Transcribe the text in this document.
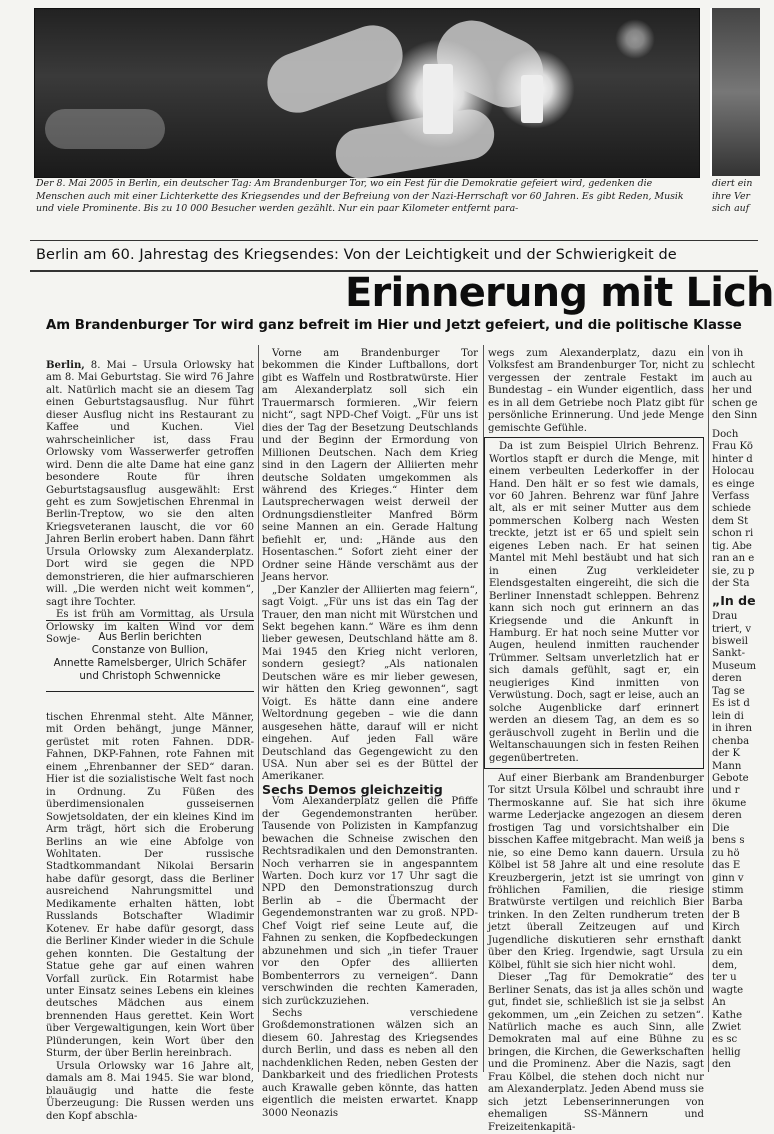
Der 8. Mai 2005 in Berlin, ein deutscher Tag: Am Brandenburger Tor, wo ein Fest für die Demokratie gefeiert wird, gedenken die Menschen auch mit einer Lichterkette des Kriegsendes und der Befreiung von der Nazi-Herrschaft vor 60 Jahren. Es gibt Reden, Musik und viele Prominente. Bis zu 10 000 Besucher werden gezählt. Nur ein paar Kilometer entfernt para-
diert ein
ihre Ver
sich auf
Berlin am 60. Jahrestag des Kriegsendes: Von der Leichtigkeit und der Schwierigkeit de
Erinnerung mit Lich
Am Brandenburger Tor wird ganz befreit im Hier und Jetzt gefeiert, und die politische Klasse

Berlin, 8. Mai – Ursula Orlowsky hat am 8. Mai Geburtstag. Sie wird 76 Jahre alt. Natürlich macht sie an diesem Tag einen Geburtstagsausflug. Nur führt dieser Ausflug nicht ins Restaurant zu Kaffee und Kuchen. Viel wahrscheinlicher ist, dass Frau Orlowsky vom Wasserwerfer getroffen wird. Denn die alte Dame hat eine ganz besondere Route für ihren Geburtstagsausflug ausgewählt: Erst geht es zum Sowjetischen Ehrenmal in Berlin-Treptow, wo sie den alten Kriegsveteranen lauscht, die vor 60 Jahren Berlin erobert haben. Dann fährt Ursula Orlowsky zum Alexanderplatz. Dort wird sie gegen die NPD demonstrieren, die hier aufmarschieren will. „Die werden nicht weit kommen“, sagt ihre Tochter.

Es ist früh am Vormittag, als Ursula Orlowsky im kalten Wind vor dem Sowje-	Aus Berlin berichten
Constanze von Bullion,
Annette Ramelsberger, Ulrich Schäfer
und Christoph Schwennicke

tischen Ehrenmal steht. Alte Männer, mit Orden behängt, junge Männer, gerüstet mit roten Fahnen. DDR-Fahnen, DKP-Fahnen, rote Fahnen mit einem „Ehrenbanner der SED“ daran. Hier ist die sozialistische Welt fast noch in Ordnung. Zu Füßen des überdimensionalen gusseisernen Sowjetsoldaten, der ein kleines Kind im Arm trägt, hört sich die Eroberung Berlins an wie eine Abfolge von Wohltaten. Der russische Stadtkommandant Nikolai Bersarin habe dafür gesorgt, dass die Berliner ausreichend Nahrungsmittel und Medikamente erhalten hätten, lobt Russlands Botschafter Wladimir Kotenev. Er habe dafür gesorgt, dass die Berliner Kinder wieder in die Schule gehen konnten. Die Gestaltung der Statue gehe gar auf einen wahren Vorfall zurück. Ein Rotarmist habe unter Einsatz seines Lebens ein kleines deutsches Mädchen aus einem brennenden Haus gerettet. Kein Wort über Vergewaltigungen, kein Wort über Plünderungen, kein Wort über den Sturm, der über Berlin hereinbrach.

Ursula Orlowsky war 16 Jahre alt, damals am 8. Mai 1945. Sie war blond, blauäugig und hatte die feste Überzeugung: Die Russen werden uns den Kopf abschla-

Vorne am Brandenburger Tor bekommen die Kinder Luftballons, dort gibt es Waffeln und Rostbratwürste. Hier am Alexanderplatz soll sich ein Trauermarsch formieren. „Wir feiern nicht“, sagt NPD-Chef Voigt. „Für uns ist dies der Tag der Besetzung Deutschlands und der Beginn der Ermordung von Millionen Deutschen. Nach dem Krieg sind in den Lagern der Alliierten mehr deutsche Soldaten umgekommen als während des Krieges.“ Hinter dem Lautsprecherwagen weist derweil der Ordnungsdienstleiter Manfred Börm seine Mannen an ein. Gerade Haltung befiehlt er, und: „Hände aus den Hosentaschen.“ Sofort zieht einer der Ordner seine Hände verschämt aus der Jeans hervor.

„Der Kanzler der Alliierten mag feiern“, sagt Voigt. „Für uns ist das ein Tag der Trauer, den man nicht mit Würstchen und Sekt begehen kann.“ Wäre es ihm denn lieber gewesen, Deutschland hätte am 8. Mai 1945 den Krieg nicht verloren, sondern gesiegt? „Als nationalen Deutschen wäre es mir lieber gewesen, wir hätten den Krieg gewonnen“, sagt Voigt. Es hätte dann eine andere Weltordnung gegeben – wie die dann ausgesehen hätte, darauf will er nicht eingehen. Auf jeden Fall wäre Deutschland das Gegengewicht zu den USA. Nun aber sei es der Büttel der Amerikaner.

Sechs Demos gleichzeitig

Vom Alexanderplatz gellen die Pfiffe der Gegendemonstranten herüber. Tausende von Polizisten in Kampfanzug bewachen die Schneise zwischen den Rechtsradikalen und den Demonstranten. Noch verharren sie in angespanntem Warten. Doch kurz vor 17 Uhr sagt die NPD den Demonstrationszug durch Berlin ab – die Übermacht der Gegendemonstranten war zu groß. NPD-Chef Voigt rief seine Leute auf, die Fahnen zu senken, die Kopfbedeckungen abzunehmen und sich „in tiefer Trauer vor den Opfer des alliierten Bombenterrors zu verneigen“. Dann verschwinden die rechten Kameraden, sich zurückzuziehen.

Sechs verschiedene Großdemonstrationen wälzen sich an diesem 60. Jahrestag des Kriegsendes durch Berlin, und dass es neben all den nachdenklichen Reden, neben Gesten der Dankbarkeit und des friedlichen Protests auch Krawalle geben könnte, das hatten eigentlich die meisten erwartet. Knapp 3000 Neonazis

wegs zum Alexanderplatz, dazu ein Volksfest am Brandenburger Tor, nicht zu vergessen der zentrale Festakt im Bundestag – ein Wunder eigentlich, dass es in all dem Getriebe noch Platz gibt für persönliche Erinnerung. Und jede Menge gemischte Gefühle.

Da ist zum Beispiel Ulrich Behrenz. Wortlos stapft er durch die Menge, mit einem verbeulten Lederkoffer in der Hand. Den hält er so fest wie damals, vor 60 Jahren. Behrenz war fünf Jahre alt, als er mit seiner Mutter aus dem pommerschen Kolberg nach Westen treckte, jetzt ist er 65 und spielt sein eigenes Leben nach. Er hat seinen Mantel mit Mehl bestäubt und hat sich in einen Zug verkleideter Elendsgestalten eingereiht, die sich die Berliner Innenstadt schleppen. Behrenz kann sich noch gut erinnern an das Kriegsende und die Ankunft in Hamburg. Er hat noch seine Mutter vor Augen, heulend inmitten rauchender Trümmer. Seltsam unverletzlich hat er sich damals gefühlt, sagt er, ein neugieriges Kind inmitten von Verwüstung. Doch, sagt er leise, auch an solche Augenblicke darf erinnert werden an diesem Tag, an dem es so geräuschvoll zugeht in Berlin und die Weltanschauungen sich in festen Reihen gegenübertreten.

Auf einer Bierbank am Brandenburger Tor sitzt Ursula Kölbel und schraubt ihre Thermoskanne auf. Sie hat sich ihre warme Lederjacke angezogen an diesem frostigen Tag und vorsichtshalber ein bisschen Kaffee mitgebracht. Man weiß ja nie, so eine Demo kann dauern. Ursula Kölbel ist 58 Jahre alt und eine resolute Kreuzbergerin, jetzt ist sie umringt von fröhlichen Familien, die riesige Bratwürste vertilgen und reichlich Bier trinken. In den Zelten rundherum treten jetzt überall Zeitzeugen auf und Jugendliche diskutieren sehr ernsthaft über den Krieg. Irgendwie, sagt Ursula Kölbel, fühlt sie sich hier nicht wohl.

Dieser „Tag für Demokratie“ des Berliner Senats, das ist ja alles schön und gut, findet sie, schließlich ist sie ja selbst gekommen, um „ein Zeichen zu setzen“. Natürlich mache es auch Sinn, alle Demokraten mal auf eine Bühne zu bringen, die Kirchen, die Gewerkschaften und die Prominenz. Aber die Nazis, sagt Frau Kölbel, die stehen doch nicht nur am Alexanderplatz. Jeden Abend muss sie sich jetzt Lebenserinnerungen von ehemaligen SS-Männern und Freizeitenkapitä-

von ih
schlecht
auch au
her und
schen ge
den Sinn
Doch
Frau Kö
hinter d
Holocau
es einge
Verfass
schiede
dem St
schon ri
tig. Abe
ran an e
sie, zu p
der Sta
„In de
Drau
triert, v
bisweil
Sankt-
Museum
deren
Tag se
Es ist d
lein di
in ihren
chenba
der K
Mann
Gebote
und r
ökume
deren
Die
bens s
zu hö
das E
ginn v
stimm
Barba
der B
Kirch
dankt
zu ein
dem,
ter u
wagte
An
Kathe
Zwiet
es sc
hellig
den
